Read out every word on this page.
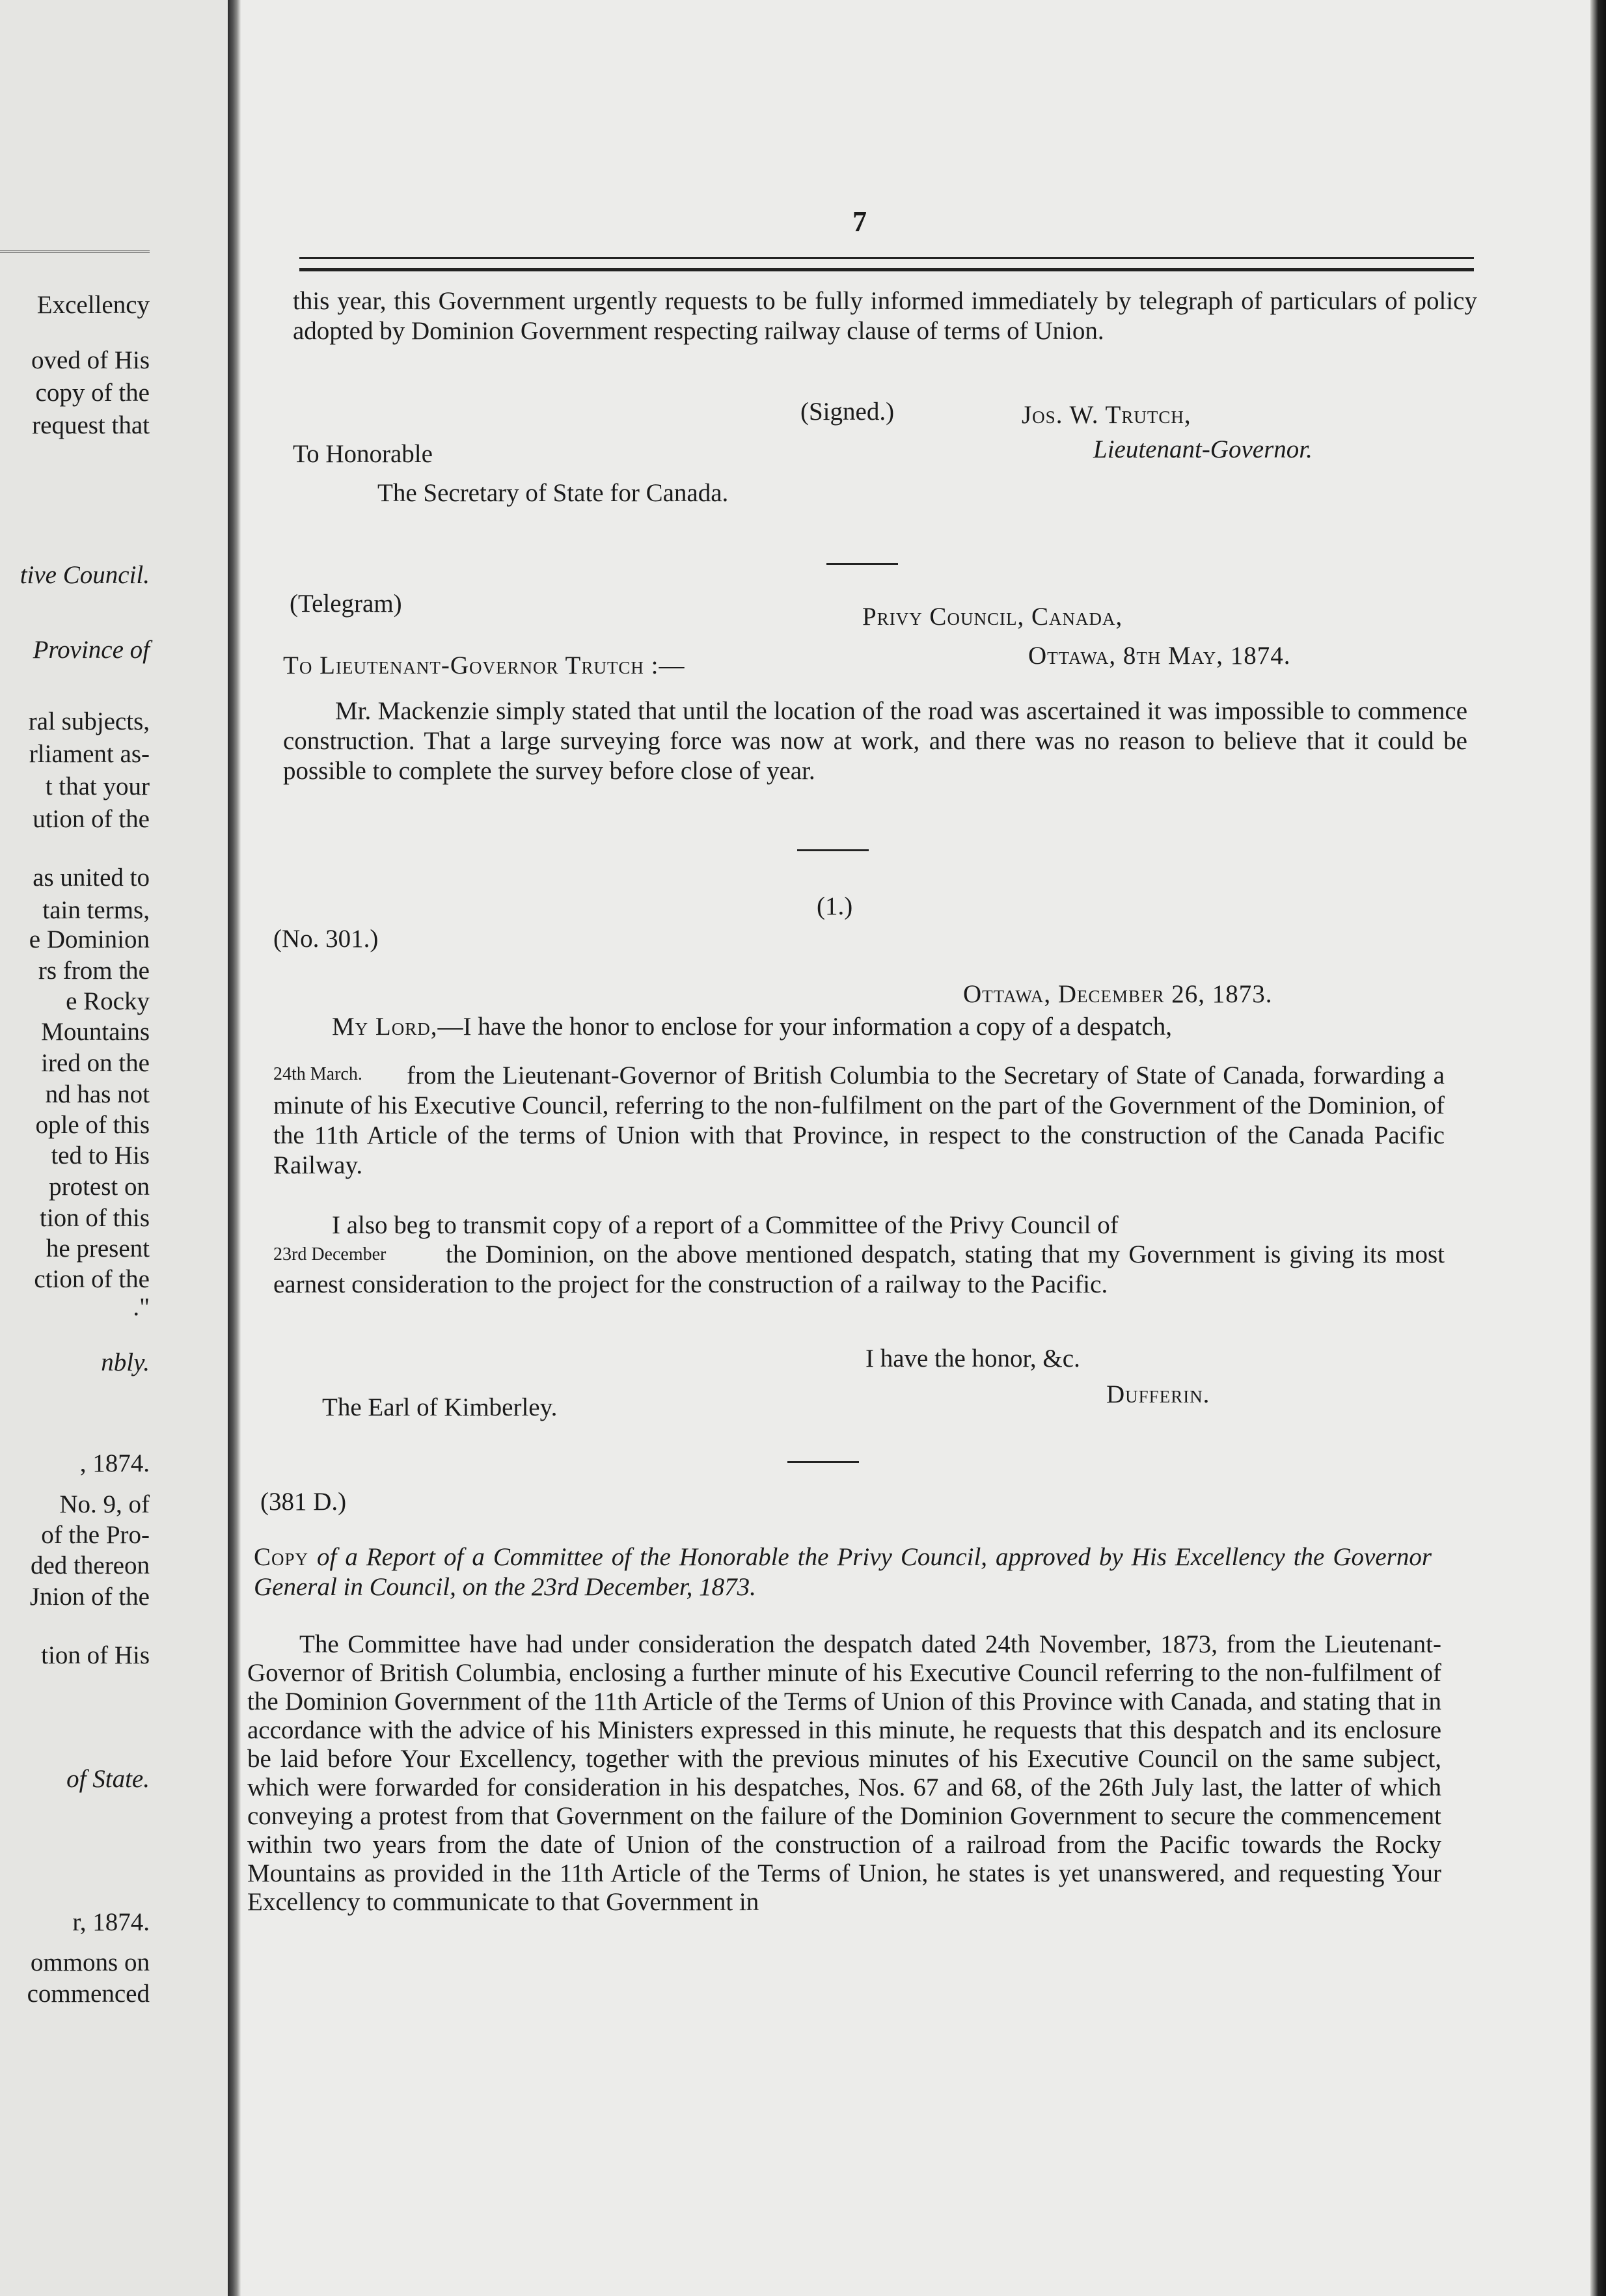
Excellency
oved of His
copy of the
request that
tive Council.
Province of
ral subjects,
rliament as-
t that your
ution of the
as united to
tain terms,
e Dominion
rs from the
e Rocky
Mountains
ired on the
nd has not
ople of this
ted to His
protest on
tion of this
he present
ction of the
."
nbly.
, 1874.
No. 9, of
of the Pro-
ded thereon
Jnion of the
tion of His
of State.
r, 1874.
ommons on
commenced
7

this year, this Government urgently requests to be fully informed immediately by telegraph of particulars of policy adopted by Dominion Government respecting railway clause of terms of Union.

(Signed.)	Jos. W. Trutch,
Lieutenant-Governor.
To Honorable
The Secretary of State for Canada.
(Telegram)	Privy Council, Canada,
Ottawa, 8th May, 1874.
To Lieutenant-Governor Trutch :—

Mr. Mackenzie simply stated that until the location of the road was ascertained it was impossible to commence construction. That a large surveying force was now at work, and there was no reason to believe that it could be possible to complete the survey before close of year.

(1.)
(No. 301.)
Ottawa, December 26, 1873.
My Lord,—I have the honor to enclose for your information a copy of a despatch,
24th March.	from the Lieutenant-Governor of British Columbia to the Secretary of State of Canada, forwarding a minute of his Executive Council, referring to the non-fulfilment on the part of the Government of the Dominion, of the 11th Article of the terms of Union with that Province, in respect to the construction of the Canada Pacific Railway.

I also beg to transmit copy of a report of a Committee of the Privy Council of
23rd December	the Dominion, on the above mentioned despatch, stating that my Government is giving its most earnest consideration to the project for the construction of a railway to the Pacific.

I have the honor, &c.
Dufferin.
The Earl of Kimberley.
(381 D.)

Copy of a Report of a Committee of the Honorable the Privy Council, approved by His Excellency the Governor General in Council, on the 23rd December, 1873.

The Committee have had under consideration the despatch dated 24th November, 1873, from the Lieutenant-Governor of British Columbia, enclosing a further minute of his Executive Council referring to the non-fulfilment of the Dominion Government of the 11th Article of the Terms of Union of this Province with Canada, and stating that in accordance with the advice of his Ministers expressed in this minute, he requests that this despatch and its enclosure be laid before Your Excellency, together with the previous minutes of his Executive Council on the same subject, which were forwarded for consideration in his despatches, Nos. 67 and 68, of the 26th July last, the latter of which conveying a protest from that Government on the failure of the Dominion Government to secure the commencement within two years from the date of Union of the construction of a railroad from the Pacific towards the Rocky Mountains as provided in the 11th Article of the Terms of Union, he states is yet unanswered, and requesting Your Excellency to communicate to that Government in
